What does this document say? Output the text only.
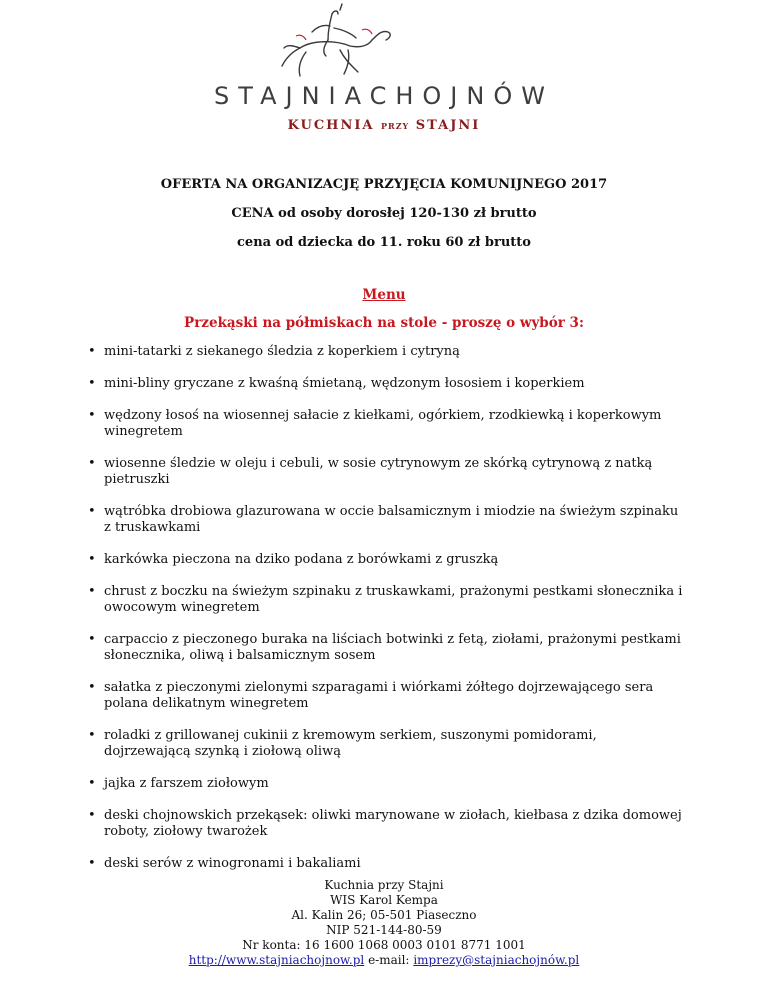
STAJNIACHOJNÓW
KUCHNIA PRZY STAJNI
OFERTA NA ORGANIZACJĘ PRZYJĘCIA KOMUNIJNEGO 2017
CENA od osoby dorosłej 120-130 zł brutto
cena od dziecka do 11. roku 60 zł brutto
Menu
Przekąski na półmiskach na stole - proszę o wybór 3:
• mini-tatarki z siekanego śledzia z koperkiem i cytryną
• mini-bliny gryczane z kwaśną śmietaną, wędzonym łososiem i koperkiem
• wędzony łosoś na wiosennej sałacie z kiełkami, ogórkiem, rzodkiewką i koperkowym winegretem
• wiosenne śledzie w oleju i cebuli, w sosie cytrynowym ze skórką cytrynową z natką pietruszki
• wątróbka drobiowa glazurowana w occie balsamicznym i miodzie na świeżym szpinaku z truskawkami
• karkówka pieczona na dziko podana z borówkami z gruszką
• chrust z boczku na świeżym szpinaku z truskawkami, prażonymi pestkami słonecznika i owocowym winegretem
• carpaccio z pieczonego buraka na liściach botwinki z fetą, ziołami, prażonymi pestkami słonecznika, oliwą i balsamicznym sosem
• sałatka z pieczonymi zielonymi szparagami i wiórkami żółtego dojrzewającego sera polana delikatnym winegretem
• roladki z grillowanej cukinii z kremowym serkiem, suszonymi pomidorami, dojrzewającą szynką i ziołową oliwą
• jajka z farszem ziołowym
• deski chojnowskich przekąsek: oliwki marynowane w ziołach, kiełbasa z dzika domowej roboty, ziołowy twarożek
• deski serów z winogronami i bakaliami
Kuchnia przy Stajni
WIS Karol Kempa
Al. Kalin 26; 05-501 Piaseczno
NIP 521-144-80-59
Nr konta: 16 1600 1068 0003 0101 8771 1001
http://www.stajniachojnow.pl e-mail: imprezy@stajniachojnów.pl
